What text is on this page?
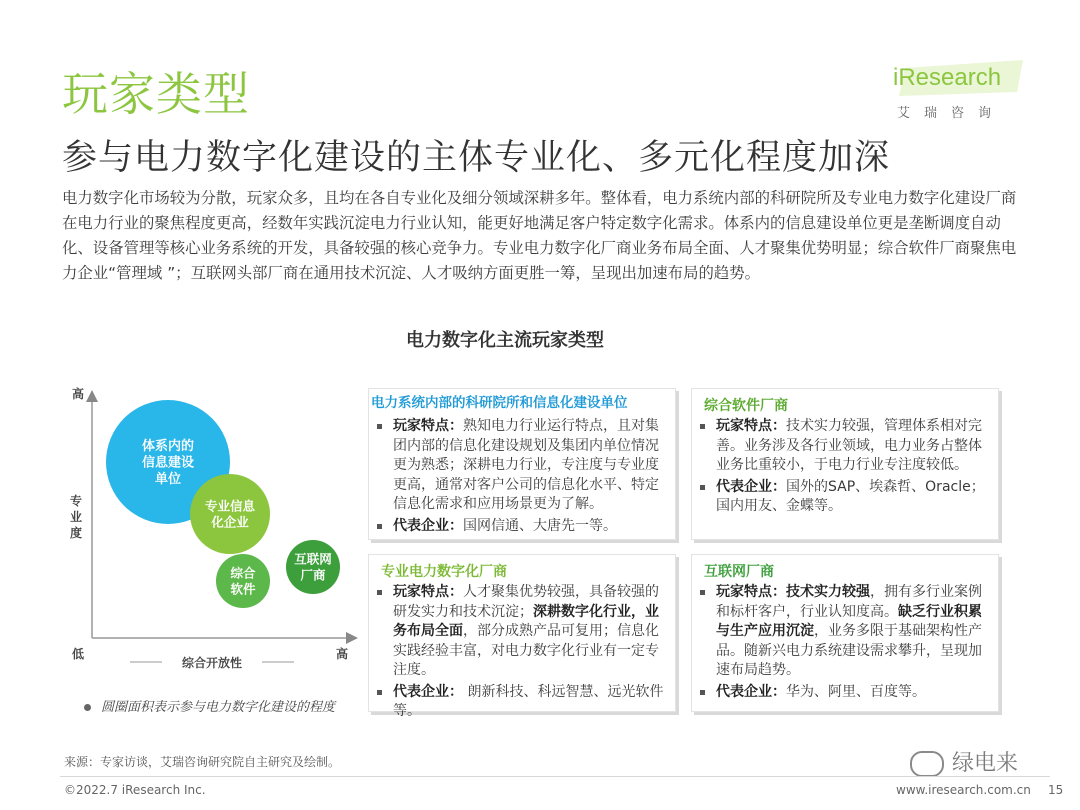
玩家类型	iResearch
艾瑞咨询
参与电力数字化建设的主体专业化、多元化程度加深
电力数字化市场较为分散，玩家众多，且均在各自专业化及细分领域深耕多年。整体看，电力系统内部的科研院所及专业电力数字化建设厂商在电力行业的聚焦程度更高，经数年实践沉淀电力行业认知，能更好地满足客户特定数字化需求。体系内的信息建设单位更是垄断调度自动化、设备管理等核心业务系统的开发，具备较强的核心竞争力。专业电力数字化厂商业务布局全面、人才聚集优势明显；综合软件厂商聚焦电力企业“管理域 ”；互联网头部厂商在通用技术沉淀、人才吸纳方面更胜一筹，呈现出加速布局的趋势。
电力数字化主流玩家类型
高
低	高
专业度
综合开放性
体系内的信息建设单位
专业信息化企业
综合软件
互联网厂商
电力系统内部的科研院所和信息化建设单位
玩家特点：熟知电力行业运行特点，且对集团内部的信息化建设规划及集团内单位情况更为熟悉；深耕电力行业，专注度与专业度更高，通常对客户公司的信息化水平、特定信息化需求和应用场景更为了解。
代表企业：国网信通、大唐先一等。
综合软件厂商
玩家特点：技术实力较强，管理体系相对完善。业务涉及各行业领域，电力业务占整体业务比重较小，于电力行业专注度较低。
代表企业：国外的SAP、埃森哲、Oracle；国内用友、金蝶等。
专业电力数字化厂商
玩家特点：人才聚集优势较强，具备较强的研发实力和技术沉淀；深耕数字化行业，业务布局全面，部分成熟产品可复用；信息化实践经验丰富，对电力数字化行业有一定专注度。
代表企业： 朗新科技、科远智慧、远光软件等。
互联网厂商
玩家特点：技术实力较强，拥有多行业案例和标杆客户，行业认知度高。缺乏行业积累与生产应用沉淀，业务多限于基础架构性产品。随新兴电力系统建设需求攀升，呈现加速布局趋势。
代表企业：华为、阿里、百度等。
圆圈面积表示参与电力数字化建设的程度
绿电来
来源：专家访谈，艾瑞咨询研究院自主研究及绘制。
©2022.7 iResearch Inc.	www.iresearch.com.cn 15
